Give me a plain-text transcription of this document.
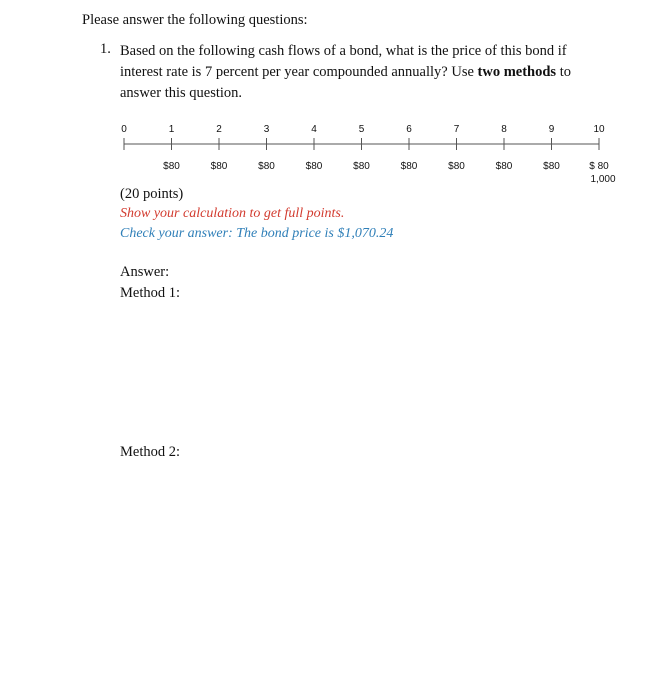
Please answer the following questions:
1. Based on the following cash flows of a bond, what is the price of this bond if interest rate is 7 percent per year compounded annually? Use two methods to answer this question.
0	1
$80
2
$80
3
$80
4
$80
5
$80
6
$80
7
$80
8
$80
9
$80
10
$ 80
1,000
(20 points)
Show your calculation to get full points.
Check your answer: The bond price is $1,070.24
Answer:
Method 1:
Method 2:
